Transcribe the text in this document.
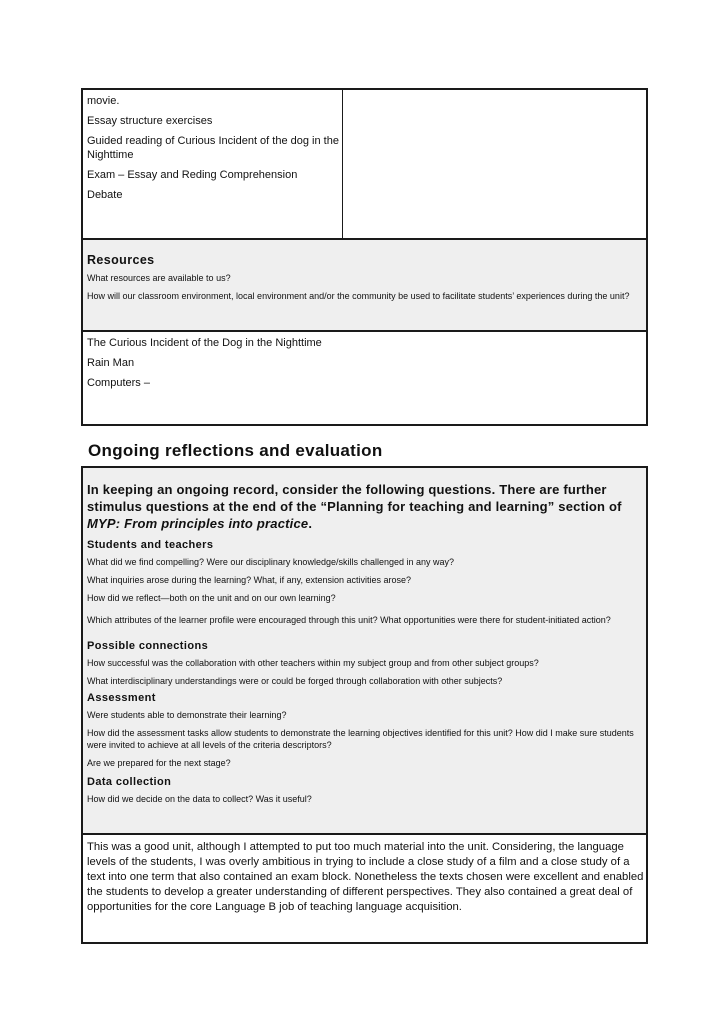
movie.

Essay structure exercises

Guided reading of Curious Incident of the dog in the Nighttime

Exam – Essay and Reding Comprehension

Debate

Resources

What resources are available to us?

How will our classroom environment, local environment and/or the community be used to facilitate students’ experiences during the unit?

The Curious Incident of the Dog in the Nighttime

Rain Man

Computers –

Ongoing reflections and evaluation

In keeping an ongoing record, consider the following questions. There are further stimulus questions at the end of the “Planning for teaching and learning” section of MYP: From principles into practice.

Students and teachers

What did we find compelling? Were our disciplinary knowledge/skills challenged in any way?

What inquiries arose during the learning? What, if any, extension activities arose?

How did we reflect—both on the unit and on our own learning?

Which attributes of the learner profile were encouraged through this unit? What opportunities were there for student-initiated action?

Possible connections

How successful was the collaboration with other teachers within my subject group and from other subject groups?

What interdisciplinary understandings were or could be forged through collaboration with other subjects?

Assessment

Were students able to demonstrate their learning?

How did the assessment tasks allow students to demonstrate the learning objectives identified for this unit? How did I make sure students were invited to achieve at all levels of the criteria descriptors?

Are we prepared for the next stage?

Data collection

How did we decide on the data to collect? Was it useful?

This was a good unit, although I attempted to put too much material into the unit. Considering, the language levels of the students, I was overly ambitious in trying to include a close study of a film and a close study of a text into one term that also contained an exam block. Nonetheless the texts chosen were excellent and enabled the students to develop a greater understanding of different perspectives. They also contained a great deal of opportunities for the core Language B job of teaching language acquisition.
